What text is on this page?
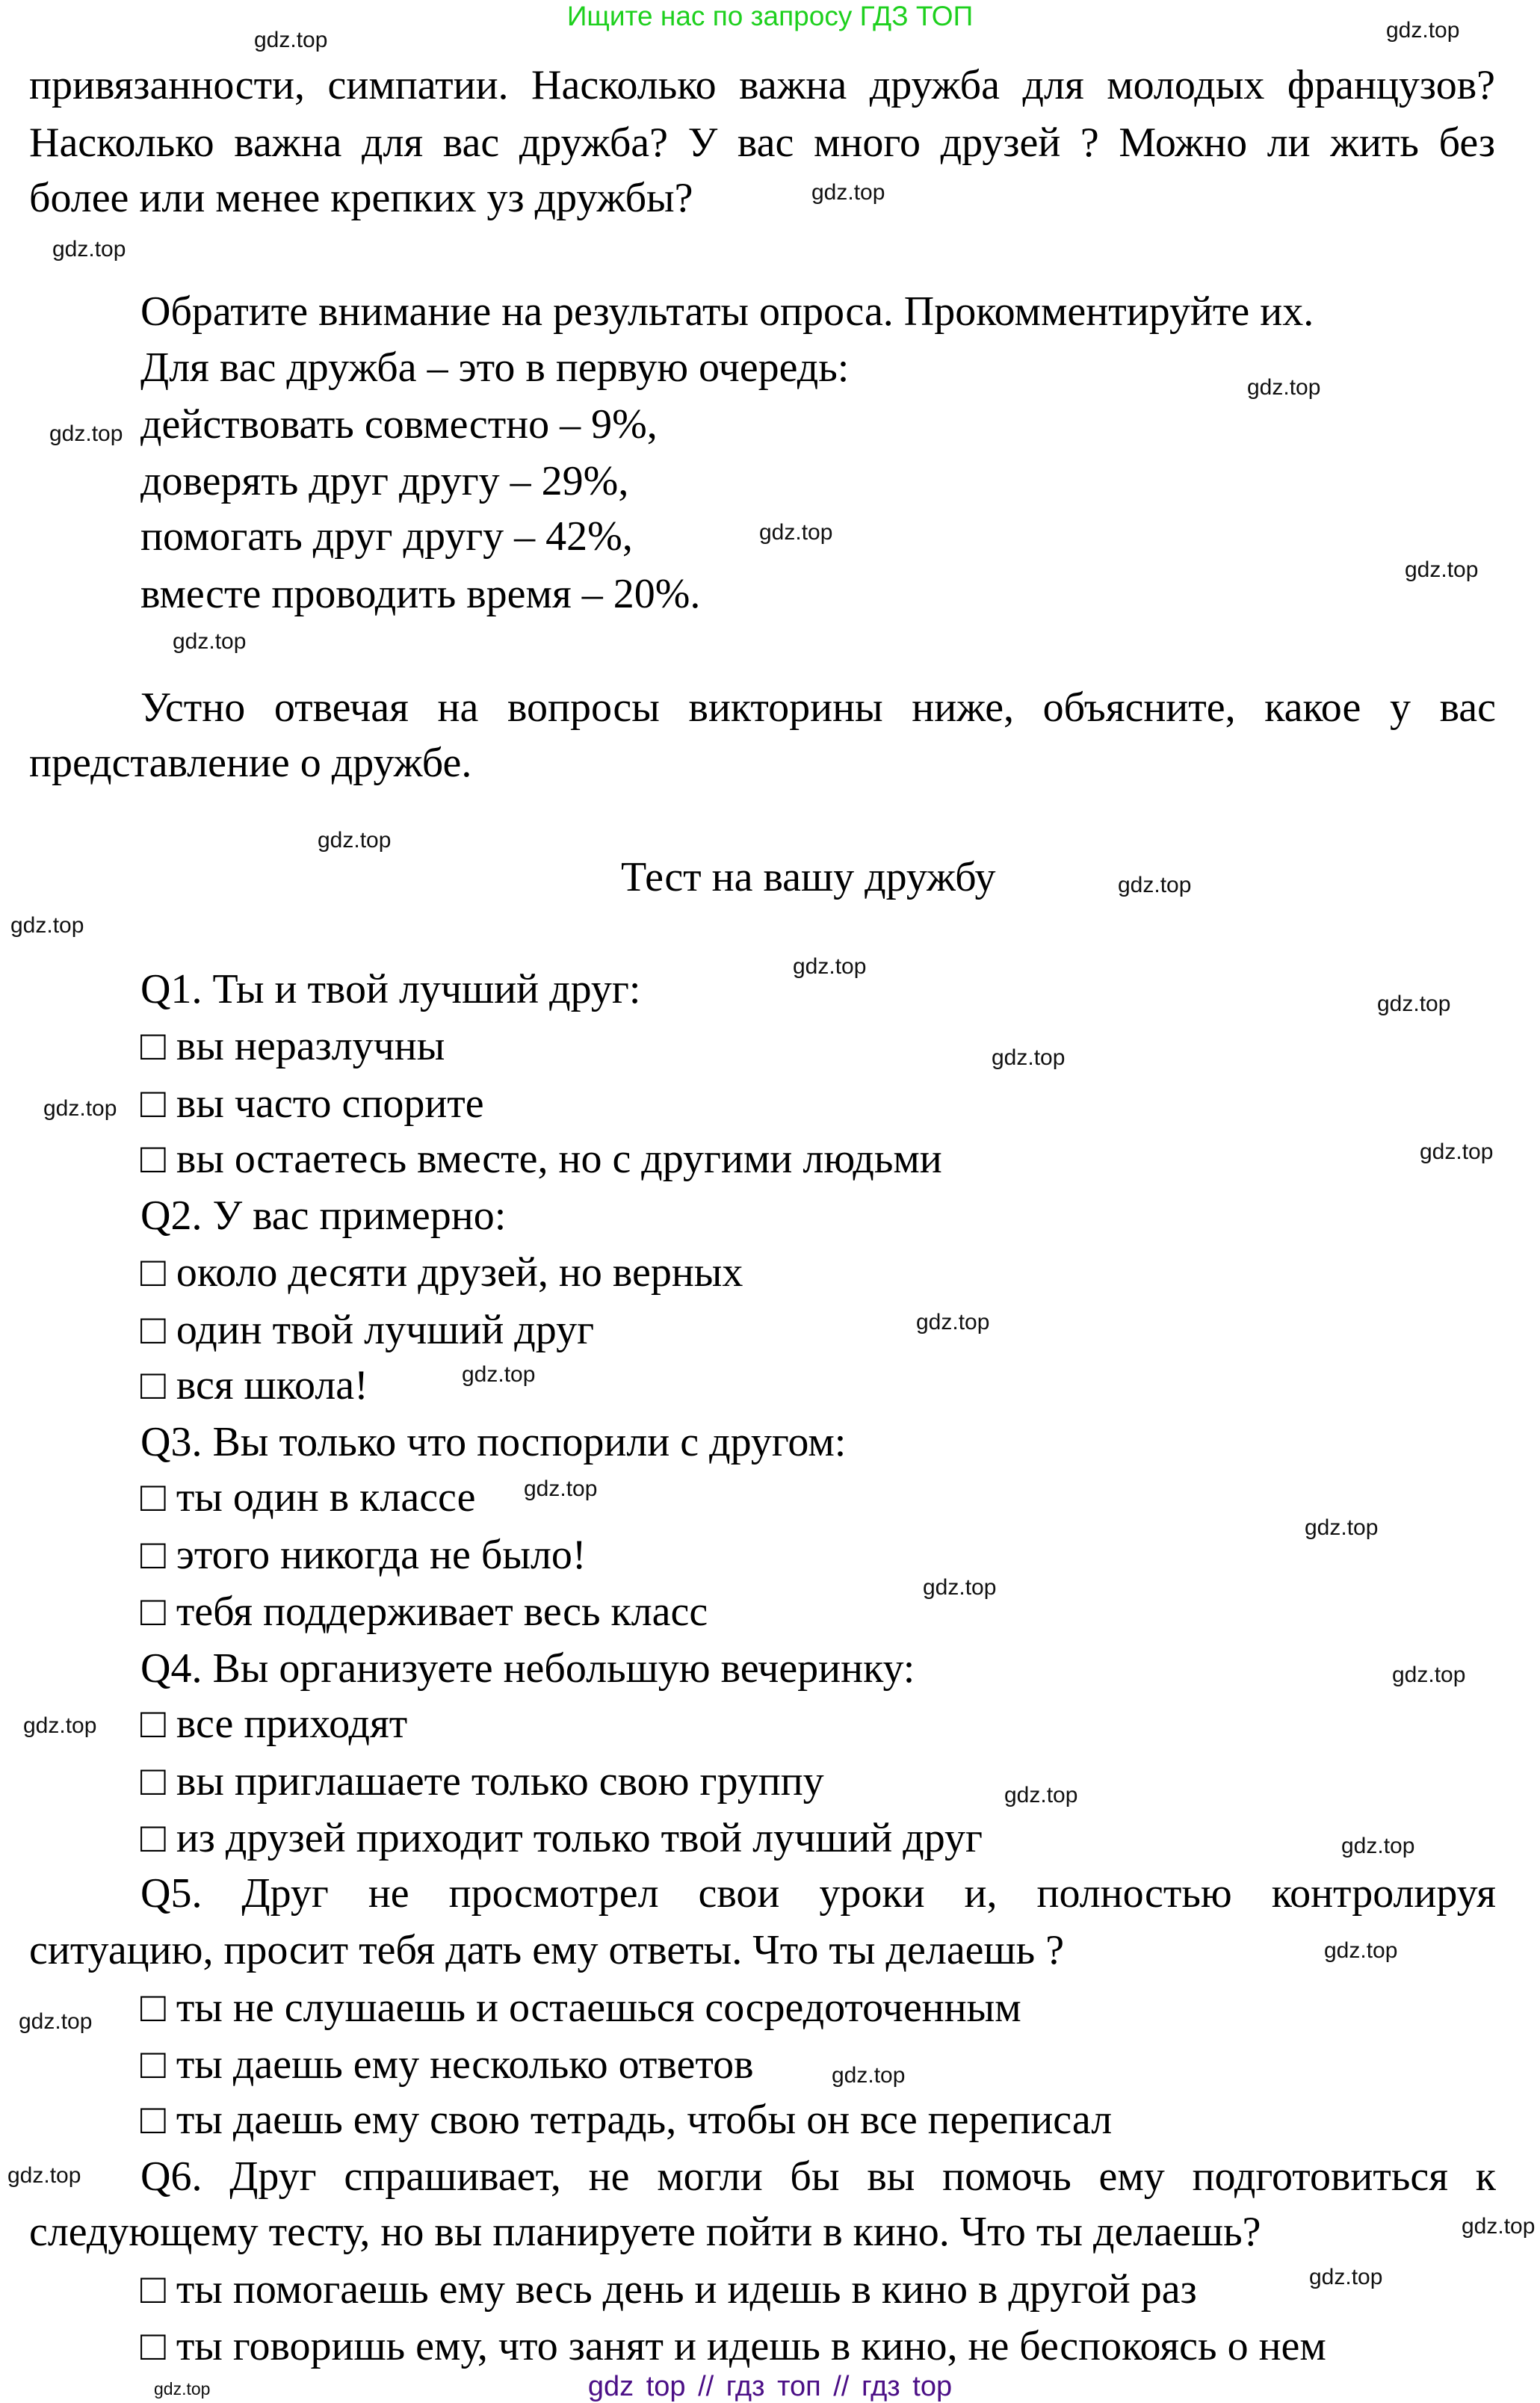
Ищите нас по запросу ГДЗ ТОП
привязанности, симпатии. Насколько важна дружба для молодых французов?
Насколько важна для вас дружба? У вас много друзей ? Можно ли жить без
более или менее крепких уз дружбы?
Обратите внимание на результаты опроса. Прокомментируйте их.
Для вас дружба – это в первую очередь:
действовать совместно – 9%,
доверять друг другу – 29%,
помогать друг другу – 42%,
вместе проводить время – 20%.
Устно отвечая на вопросы викторины ниже, объясните, какое у вас
представление о дружбе.
Тест на вашу дружбу
Q1. Ты и твой лучший друг:
□ вы неразлучны
□ вы часто спорите
□ вы остаетесь вместе, но с другими людьми
Q2. У вас примерно:
□ около десяти друзей, но верных
□ один твой лучший друг
□ вся школа!
Q3. Вы только что поспорили с другом:
□ ты один в классе
□ этого никогда не было!
□ тебя поддерживает весь класс
Q4. Вы организуете небольшую вечеринку:
□ все приходят
□ вы приглашаете только свою группу
□ из друзей приходит только твой лучший друг
Q5. Друг не просмотрел свои уроки и, полностью контролируя
ситуацию, просит тебя дать ему ответы. Что ты делаешь ?
□ ты не слушаешь и остаешься сосредоточенным
□ ты даешь ему несколько ответов
□ ты даешь ему свою тетрадь, чтобы он все переписал
Q6. Друг спрашивает, не могли бы вы помочь ему подготовиться к
следующему тесту, но вы планируете пойти в кино. Что ты делаешь?
□ ты помогаешь ему весь день и идешь в кино в другой раз
□ ты говоришь ему, что занят и идешь в кино, не беспокоясь о нем
gdz.top	gdz.top
gdz.top
gdz.top
gdz.top
gdz.top
gdz.top
gdz.top
gdz.top
gdz.top
gdz.top
gdz.top
gdz.top
gdz.top
gdz.top
gdz.top
gdz.top
gdz.top
gdz.top
gdz.top
gdz.top
gdz.top
gdz.top
gdz.top
gdz.top
gdz.top
gdz.top
gdz.top
gdz.top
gdz.top
gdz.top
gdz.top
gdz.top	gdz top // гдз топ // гдз top
